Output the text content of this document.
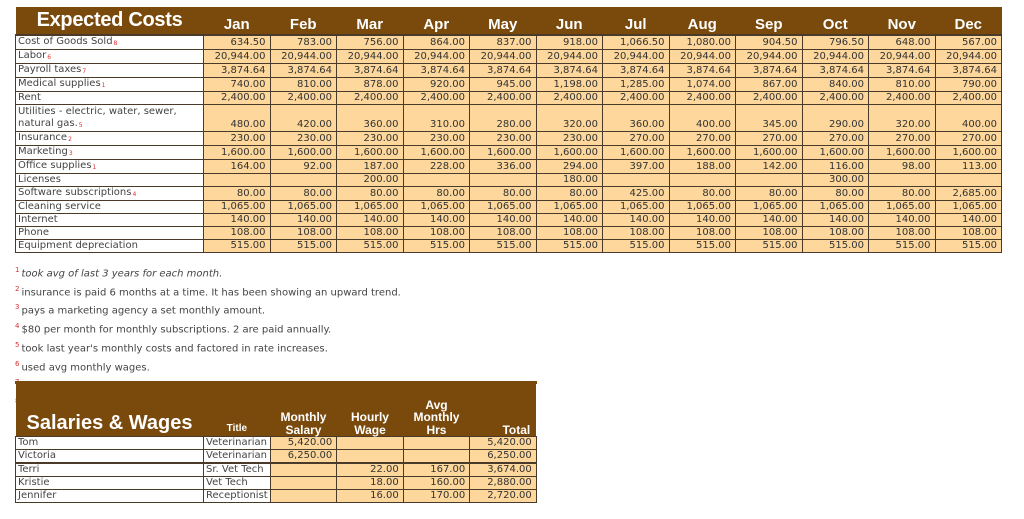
Expected Costs	Jan	Feb	Mar	Apr	May	Jun	Jul	Aug	Sep	Oct	Nov	Dec
Cost of Goods Sold$^8$	634.50	783.00	756.00	864.00	837.00	918.00	1,066.50	1,080.00	904.50	796.50	648.00	567.00
Labor$^6$	20,944.00	20,944.00	20,944.00	20,944.00	20,944.00	20,944.00	20,944.00	20,944.00	20,944.00	20,944.00	20,944.00	20,944.00
Payroll taxes$^7$	3,874.64	3,874.64	3,874.64	3,874.64	3,874.64	3,874.64	3,874.64	3,874.64	3,874.64	3,874.64	3,874.64	3,874.64
Medical supplies$^1$	740.00	810.00	878.00	920.00	945.00	1,198.00	1,285.00	1,074.00	867.00	840.00	810.00	790.00
Rent	2,400.00	2,400.00	2,400.00	2,400.00	2,400.00	2,400.00	2,400.00	2,400.00	2,400.00	2,400.00	2,400.00	2,400.00
Utilities - electric, water, sewer, natural gas.$^5$	480.00	420.00	360.00	310.00	280.00	320.00	360.00	400.00	345.00	290.00	320.00	400.00
Insurance$^2$	230.00	230.00	230.00	230.00	230.00	230.00	270.00	270.00	270.00	270.00	270.00	270.00
Marketing$^3$	1,600.00	1,600.00	1,600.00	1,600.00	1,600.00	1,600.00	1,600.00	1,600.00	1,600.00	1,600.00	1,600.00	1,600.00
Office supplies$^1$	164.00	92.00	187.00	228.00	336.00	294.00	397.00	188.00	142.00	116.00	98.00	113.00
Licenses			200.00			180.00				300.00		
Software subscriptions$^4$	80.00	80.00	80.00	80.00	80.00	80.00	425.00	80.00	80.00	80.00	80.00	2,685.00
Cleaning service	1,065.00	1,065.00	1,065.00	1,065.00	1,065.00	1,065.00	1,065.00	1,065.00	1,065.00	1,065.00	1,065.00	1,065.00
Internet	140.00	140.00	140.00	140.00	140.00	140.00	140.00	140.00	140.00	140.00	140.00	140.00
Phone	108.00	108.00	108.00	108.00	108.00	108.00	108.00	108.00	108.00	108.00	108.00	108.00
Equipment depreciation	515.00	515.00	515.00	515.00	515.00	515.00	515.00	515.00	515.00	515.00	515.00	515.00
$^1$ took avg of last 3 years for each month.
$^2$ insurance is paid 6 months at a time. It has been showing an upward trend.
$^3$ pays a marketing agency a set monthly amount.
$^4$ $80 per month for monthly subscriptions. 2 are paid annually.
$^5$ took last year's monthly costs and factored in rate increases.
$^6$ used avg monthly wages.
Salaries & Wages	Title	Monthly Salary	Hourly Wage	Avg Monthly Hrs	Total
Tom	Veterinarian	5,420.00			5,420.00
Victoria	Veterinarian	6,250.00			6,250.00
Terri	Sr. Vet Tech		22.00	167.00	3,674.00
Kristie	Vet Tech		18.00	160.00	2,880.00
Jennifer	Receptionist		16.00	170.00	2,720.00
